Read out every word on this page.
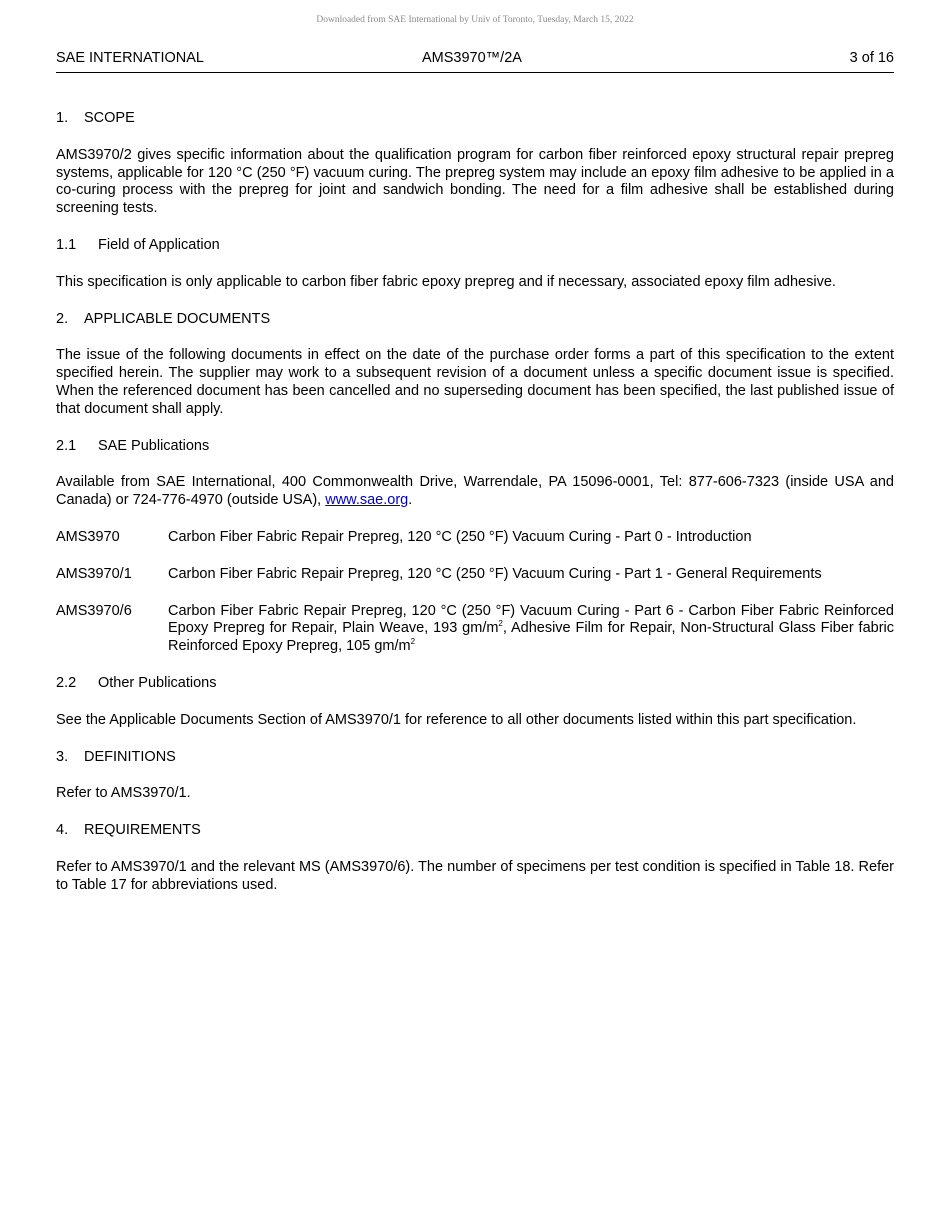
Downloaded from SAE International by Univ of Toronto, Tuesday, March 15, 2022
SAE INTERNATIONAL	AMS3970™/2A	3 of 16
1. SCOPE

AMS3970/2 gives specific information about the qualification program for carbon fiber reinforced epoxy structural repair prepreg systems, applicable for 120 °C (250 °F) vacuum curing. The prepreg system may include an epoxy film adhesive to be applied in a co-curing process with the prepreg for joint and sandwich bonding. The need for a film adhesive shall be established during screening tests.

1.1 Field of Application

This specification is only applicable to carbon fiber fabric epoxy prepreg and if necessary, associated epoxy film adhesive.

2. APPLICABLE DOCUMENTS

The issue of the following documents in effect on the date of the purchase order forms a part of this specification to the extent specified herein. The supplier may work to a subsequent revision of a document unless a specific document issue is specified. When the referenced document has been cancelled and no superseding document has been specified, the last published issue of that document shall apply.

2.1 SAE Publications

Available from SAE International, 400 Commonwealth Drive, Warrendale, PA 15096-0001, Tel: 877-606-7323 (inside USA and Canada) or 724-776-4970 (outside USA), www.sae.org.

AMS3970	Carbon Fiber Fabric Repair Prepreg, 120 °C (250 °F) Vacuum Curing - Part 0 - Introduction
AMS3970/1	Carbon Fiber Fabric Repair Prepreg, 120 °C (250 °F) Vacuum Curing - Part 1 - General Requirements
AMS3970/6	Carbon Fiber Fabric Repair Prepreg, 120 °C (250 °F) Vacuum Curing - Part 6 - Carbon Fiber Fabric Reinforced Epoxy Prepreg for Repair, Plain Weave, 193 $gm/m^2$, Adhesive Film for Repair, Non-Structural Glass Fiber fabric Reinforced Epoxy Prepreg, 105 $gm/m^2$
2.2 Other Publications

See the Applicable Documents Section of AMS3970/1 for reference to all other documents listed within this part specification.

3. DEFINITIONS

Refer to AMS3970/1.

4. REQUIREMENTS

Refer to AMS3970/1 and the relevant MS (AMS3970/6). The number of specimens per test condition is specified in Table 18. Refer to Table 17 for abbreviations used.
